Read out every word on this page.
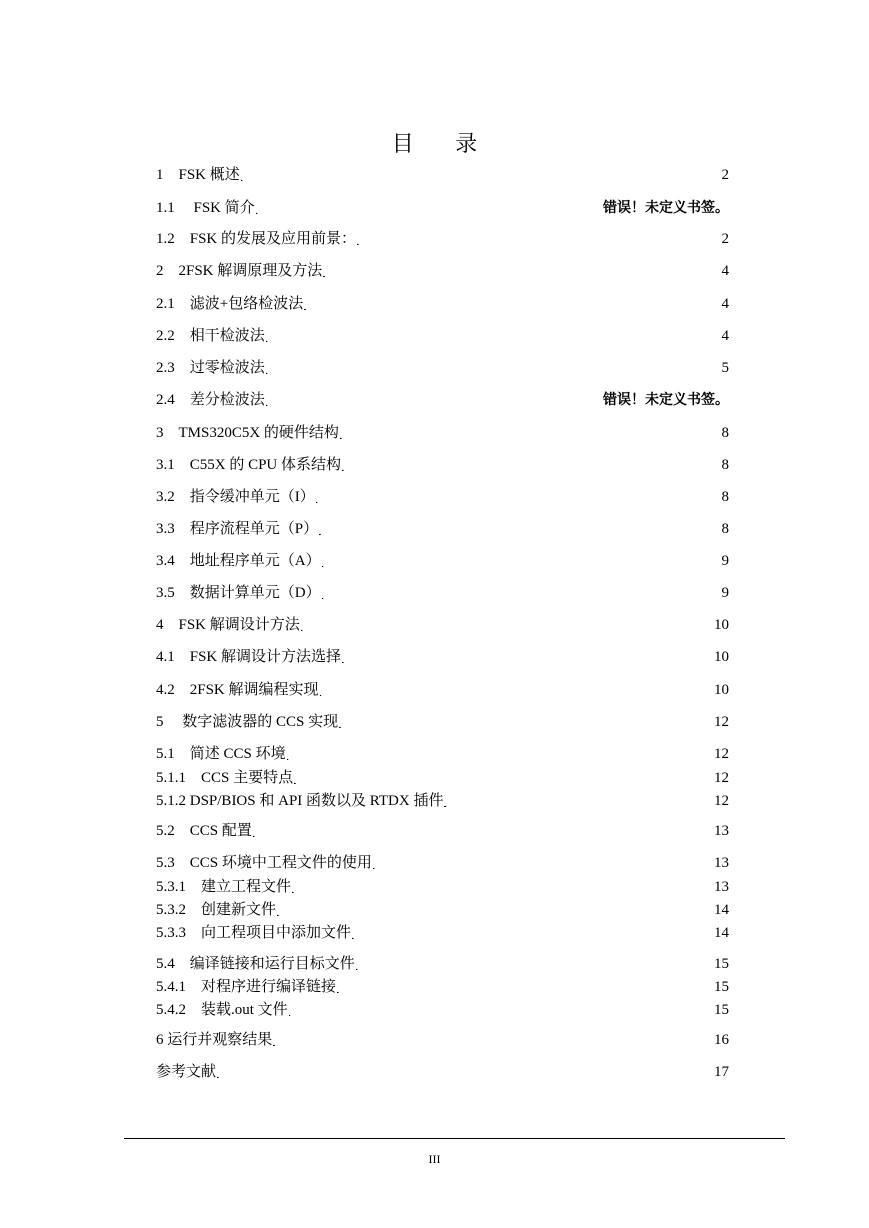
目 录
1　FSK 概述 . . .	2
1.1　 FSK 简介 . . .	错误！未定义书签。
1.2　FSK 的发展及应用前景： . . .	2
2　2FSK 解调原理及方法 . . .	4
2.1　滤波+包络检波法 . . .	4
2.2　相干检波法 . . .	4
2.3　过零检波法 . . .	5
2.4　差分检波法 . . .	错误！未定义书签。
3　TMS320C5X 的硬件结构 . . .	8
3.1　C55X 的 CPU 体系结构 . . .	8
3.2　指令缓冲单元（I） . . .	8
3.3　程序流程单元（P） . . .	8
3.4　地址程序单元（A） . . .	9
3.5　数据计算单元（D） . . .	9
4　FSK 解调设计方法 . . .	10
4.1　FSK 解调设计方法选择 . . .	10
4.2　2FSK 解调编程实现 . . .	10
5　 数字滤波器的 CCS 实现 . . .	12
5.1　简述 CCS 环境 . . .	12
5.1.1　CCS 主要特点 . . .	12
5.1.2 DSP/BIOS 和 API 函数以及 RTDX 插件 . . .	12
5.2　CCS 配置 . . .	13
5.3　CCS 环境中工程文件的使用 . . .	13
5.3.1　建立工程文件 . . .	13
5.3.2　创建新文件 . . .	14
5.3.3　向工程项目中添加文件 . . .	14
5.4　编译链接和运行目标文件 . . .	15
5.4.1　对程序进行编译链接 . . .	15
5.4.2　装载.out 文件 . . .	15
6 运行并观察结果 . . .	16
参考文献 . . .	17
III
